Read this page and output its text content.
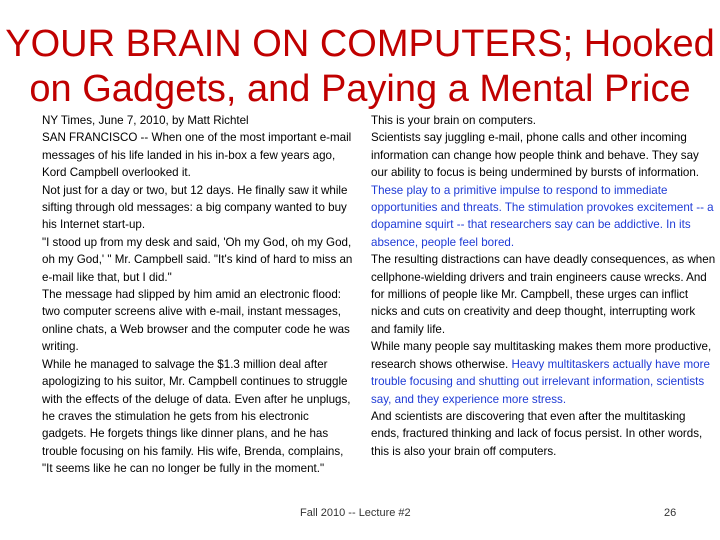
YOUR BRAIN ON COMPUTERS; Hooked on Gadgets, and Paying a Mental Price

NY Times, June 7, 2010, by Matt Richtel

SAN FRANCISCO -- When one of the most important e-mail messages of his life landed in his in-box a few years ago, Kord Campbell overlooked it.

Not just for a day or two, but 12 days. He finally saw it while sifting through old messages: a big company wanted to buy his Internet start-up.

"I stood up from my desk and said, 'Oh my God, oh my God, oh my God,' " Mr. Campbell said. "It's kind of hard to miss an e-mail like that, but I did."

The message had slipped by him amid an electronic flood: two computer screens alive with e-mail, instant messages, online chats, a Web browser and the computer code he was writing.

While he managed to salvage the $1.3 million deal after apologizing to his suitor, Mr. Campbell continues to struggle with the effects of the deluge of data. Even after he unplugs, he craves the stimulation he gets from his electronic gadgets. He forgets things like dinner plans, and he has trouble focusing on his family. His wife, Brenda, complains, "It seems like he can no longer be fully in the moment."

This is your brain on computers.

Scientists say juggling e-mail, phone calls and other incoming information can change how people think and behave. They say our ability to focus is being undermined by bursts of information.

These play to a primitive impulse to respond to immediate opportunities and threats. The stimulation provokes excitement -- a dopamine squirt -- that researchers say can be addictive. In its absence, people feel bored.

The resulting distractions can have deadly consequences, as when cellphone-wielding drivers and train engineers cause wrecks. And for millions of people like Mr. Campbell, these urges can inflict nicks and cuts on creativity and deep thought, interrupting work and family life.

While many people say multitasking makes them more productive, research shows otherwise. Heavy multitaskers actually have more trouble focusing and shutting out irrelevant information, scientists say, and they experience more stress.

And scientists are discovering that even after the multitasking ends, fractured thinking and lack of focus persist. In other words, this is also your brain off computers.

Fall 2010 -- Lecture #2	26
